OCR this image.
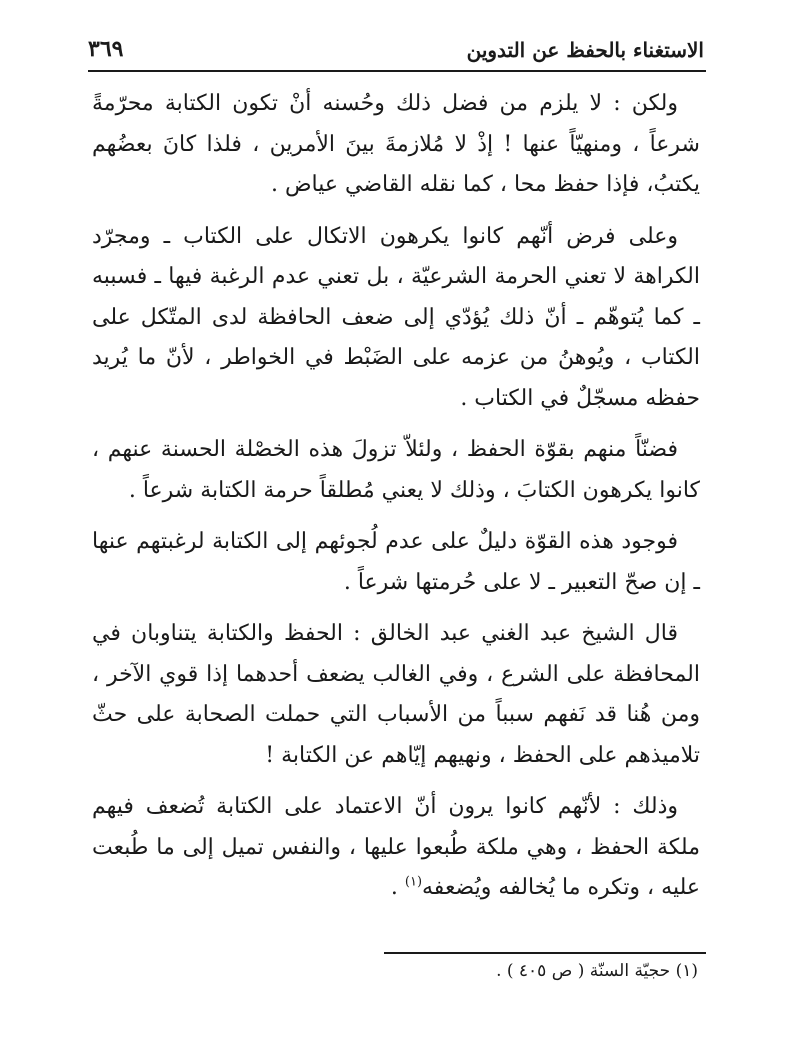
الاستغناء بالحفظ عن التدوين
٣٦٩

ولكن : لا يلزم من فضل ذلك وحُسنه أنْ تكون الكتابة محرّمةً شرعاً ، ومنهيّاً عنها ! إذْ لا مُلازمةَ بينَ الأمرين ، فلذا كانَ بعضُهم يكتبُ، فإذا حفظ محا ، كما نقله القاضي عياض .

وعلى فرض أنّهم كانوا يكرهون الاتكال على الكتاب ـ ومجرّد الكراهة لا تعني الحرمة الشرعيّة ، بل تعني عدم الرغبة فيها ـ فسببه ـ كما يُتوهّم ـ أنّ ذلك يُؤدّي إلى ضعف الحافظة لدى المتّكل على الكتاب ، ويُوهنُ من عزمه على الضَبْط في الخواطر ، لأنّ ما يُريد حفظه مسجّلٌ في الكتاب .

فضنّاً منهم بقوّة الحفظ ، ولئلاّ تزولَ هذه الخصْلة الحسنة عنهم ، كانوا يكرهون الكتابَ ، وذلك لا يعني مُطلقاً حرمة الكتابة شرعاً .

فوجود هذه القوّة دليلٌ على عدم لُجوئهم إلى الكتابة لرغبتهم عنها ـ إن صحّ التعبير ـ لا على حُرمتها شرعاً .

قال الشيخ عبد الغني عبد الخالق : الحفظ والكتابة يتناوبان في المحافظة على الشرع ، وفي الغالب يضعف أحدهما إذا قوي الآخر ، ومن هُنا قد نَفهم سبباً من الأسباب التي حملت الصحابة على حثّ تلاميذهم على الحفظ ، ونهيهم إيّاهم عن الكتابة !

وذلك : لأنّهم كانوا يرون أنّ الاعتماد على الكتابة تُضعف فيهم ملكة الحفظ ، وهي ملكة طُبعوا عليها ، والنفس تميل إلى ما طُبعت عليه ، وتكره ما يُخالفه ويُضعفه$^{(١)}$ .

(١) حجيّة السنّة ( ص ٤٠٥ ) .
